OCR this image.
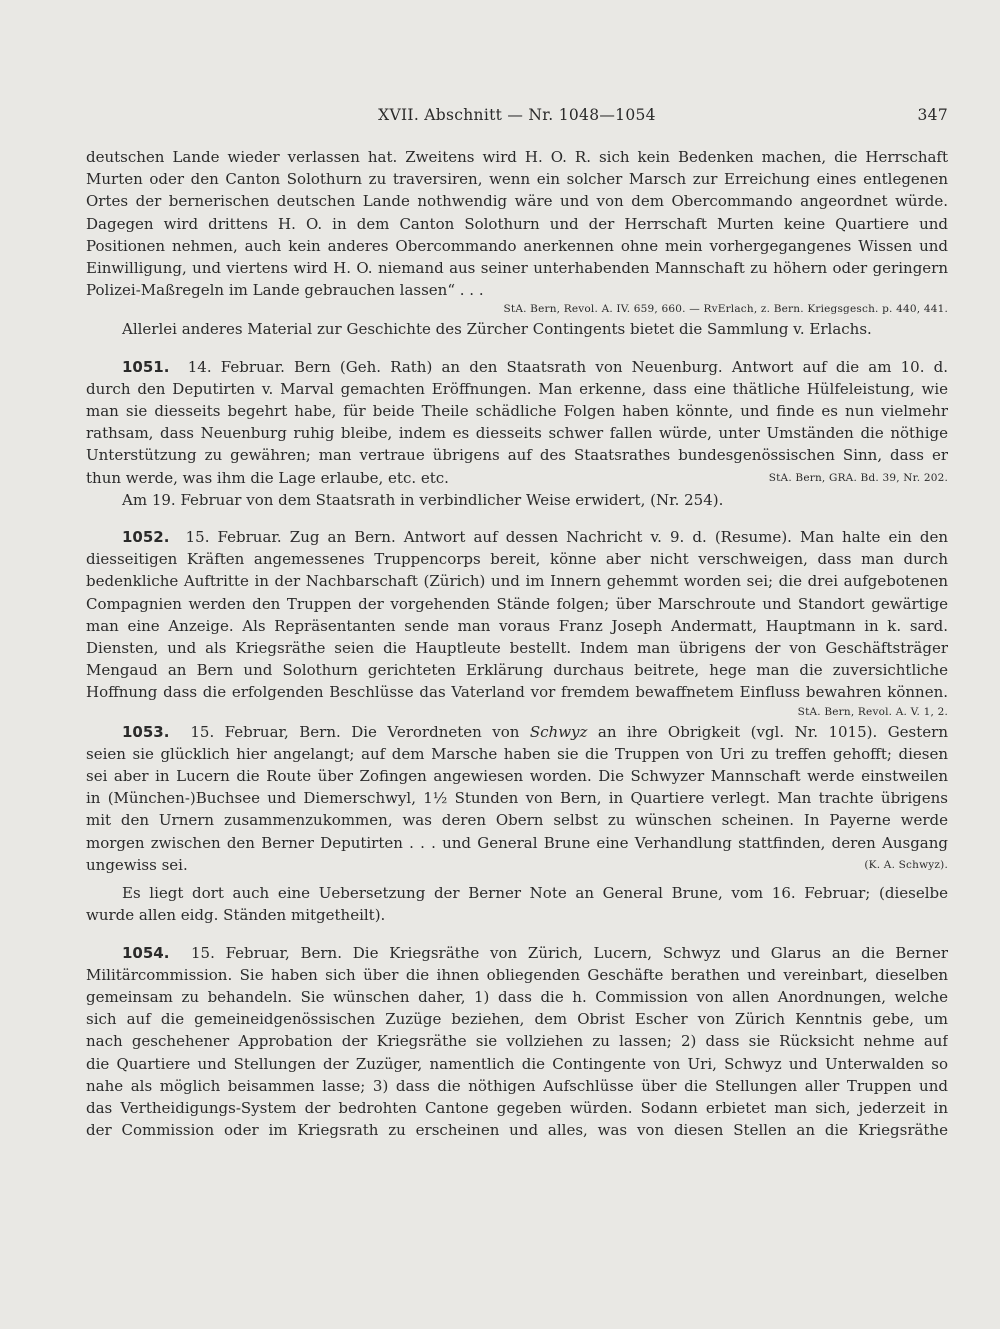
XVII. Abschnitt — Nr. 1048—1054	347

deutschen Lande wieder verlassen hat. Zweitens wird H. O. R. sich kein Bedenken machen, die Herrschaft
Murten oder den Canton Solothurn zu traversiren, wenn ein solcher Marsch zur Erreichung eines entlegenen
Ortes der bernerischen deutschen Lande nothwendig wäre und von dem Obercommando angeordnet würde.
Dagegen wird drittens H. O. in dem Canton Solothurn und der Herrschaft Murten keine Quartiere und
Positionen nehmen, auch kein anderes Obercommando anerkennen ohne mein vorhergegangenes Wissen und
Einwilligung, und viertens wird H. O. niemand aus seiner unterhabenden Mannschaft zu höhern oder geringern
Polizei-Maßregeln im Lande gebrauchen lassen“ . . .

StA. Bern, Revol. A. IV. 659, 660. — RvErlach, z. Bern. Kriegsgesch. p. 440, 441.
Allerlei anderes Material zur Geschichte des Zürcher Contingents bietet die Sammlung v. Erlachs.

1051. 14. Februar. Bern (Geh. Rath) an den Staatsrath von Neuenburg. Antwort auf die am 10. d.
durch den Deputirten v. Marval gemachten Eröffnungen. Man erkenne, dass eine thätliche Hülfeleistung, wie
man sie diesseits begehrt habe, für beide Theile schädliche Folgen haben könnte, und finde es nun vielmehr
rathsam, dass Neuenburg ruhig bleibe, indem es diesseits schwer fallen würde, unter Umständen die nöthige
Unterstützung zu gewähren; man vertraue übrigens auf des Staatsrathes bundesgenössischen Sinn, dass er
thun werde, was ihm die Lage erlaube, etc. etc.	StA. Bern, GRA. Bd. 39, Nr. 202.

Am 19. Februar von dem Staatsrath in verbindlicher Weise erwidert, (Nr. 254).

1052. 15. Februar. Zug an Bern. Antwort auf dessen Nachricht v. 9. d. (Resume). Man halte ein den
diesseitigen Kräften angemessenes Truppencorps bereit, könne aber nicht verschweigen, dass man durch
bedenkliche Auftritte in der Nachbarschaft (Zürich) und im Innern gehemmt worden sei; die drei aufgebotenen
Compagnien werden den Truppen der vorgehenden Stände folgen; über Marschroute und Standort gewärtige
man eine Anzeige. Als Repräsentanten sende man voraus Franz Joseph Andermatt, Hauptmann in k. sard.
Diensten, und als Kriegsräthe seien die Hauptleute bestellt. Indem man übrigens der von Geschäftsträger
Mengaud an Bern und Solothurn gerichteten Erklärung durchaus beitrete, hege man die zuversichtliche
Hoffnung dass die erfolgenden Beschlüsse das Vaterland vor fremdem bewaffnetem Einfluss bewahren können.

StA. Bern, Revol. A. V. 1, 2.

1053. 15. Februar, Bern. Die Verordneten von Schwyz an ihre Obrigkeit (vgl. Nr. 1015). Gestern
seien sie glücklich hier angelangt; auf dem Marsche haben sie die Truppen von Uri zu treffen gehofft; diesen
sei aber in Lucern die Route über Zofingen angewiesen worden. Die Schwyzer Mannschaft werde einstweilen
in (München-)Buchsee und Diemerschwyl, 1½ Stunden von Bern, in Quartiere verlegt. Man trachte übrigens
mit den Urnern zusammenzukommen, was deren Obern selbst zu wünschen scheinen. In Payerne werde
morgen zwischen den Berner Deputirten . . . und General Brune eine Verhandlung stattfinden, deren Ausgang
ungewiss sei.	(K. A. Schwyz).

Es liegt dort auch eine Uebersetzung der Berner Note an General Brune, vom 16. Februar; (dieselbe
wurde allen eidg. Ständen mitgetheilt).

1054. 15. Februar, Bern. Die Kriegsräthe von Zürich, Lucern, Schwyz und Glarus an die Berner
Militärcommission. Sie haben sich über die ihnen obliegenden Geschäfte berathen und vereinbart, dieselben
gemeinsam zu behandeln. Sie wünschen daher, 1) dass die h. Commission von allen Anordnungen, welche
sich auf die gemeineidgenössischen Zuzüge beziehen, dem Obrist Escher von Zürich Kenntnis gebe, um
nach geschehener Approbation der Kriegsräthe sie vollziehen zu lassen; 2) dass sie Rücksicht nehme auf
die Quartiere und Stellungen der Zuzüger, namentlich die Contingente von Uri, Schwyz und Unterwalden so
nahe als möglich beisammen lasse; 3) dass die nöthigen Aufschlüsse über die Stellungen aller Truppen und
das Vertheidigungs-System der bedrohten Cantone gegeben würden. Sodann erbietet man sich, jederzeit in
der Commission oder im Kriegsrath zu erscheinen und alles, was von diesen Stellen an die Kriegsräthe
